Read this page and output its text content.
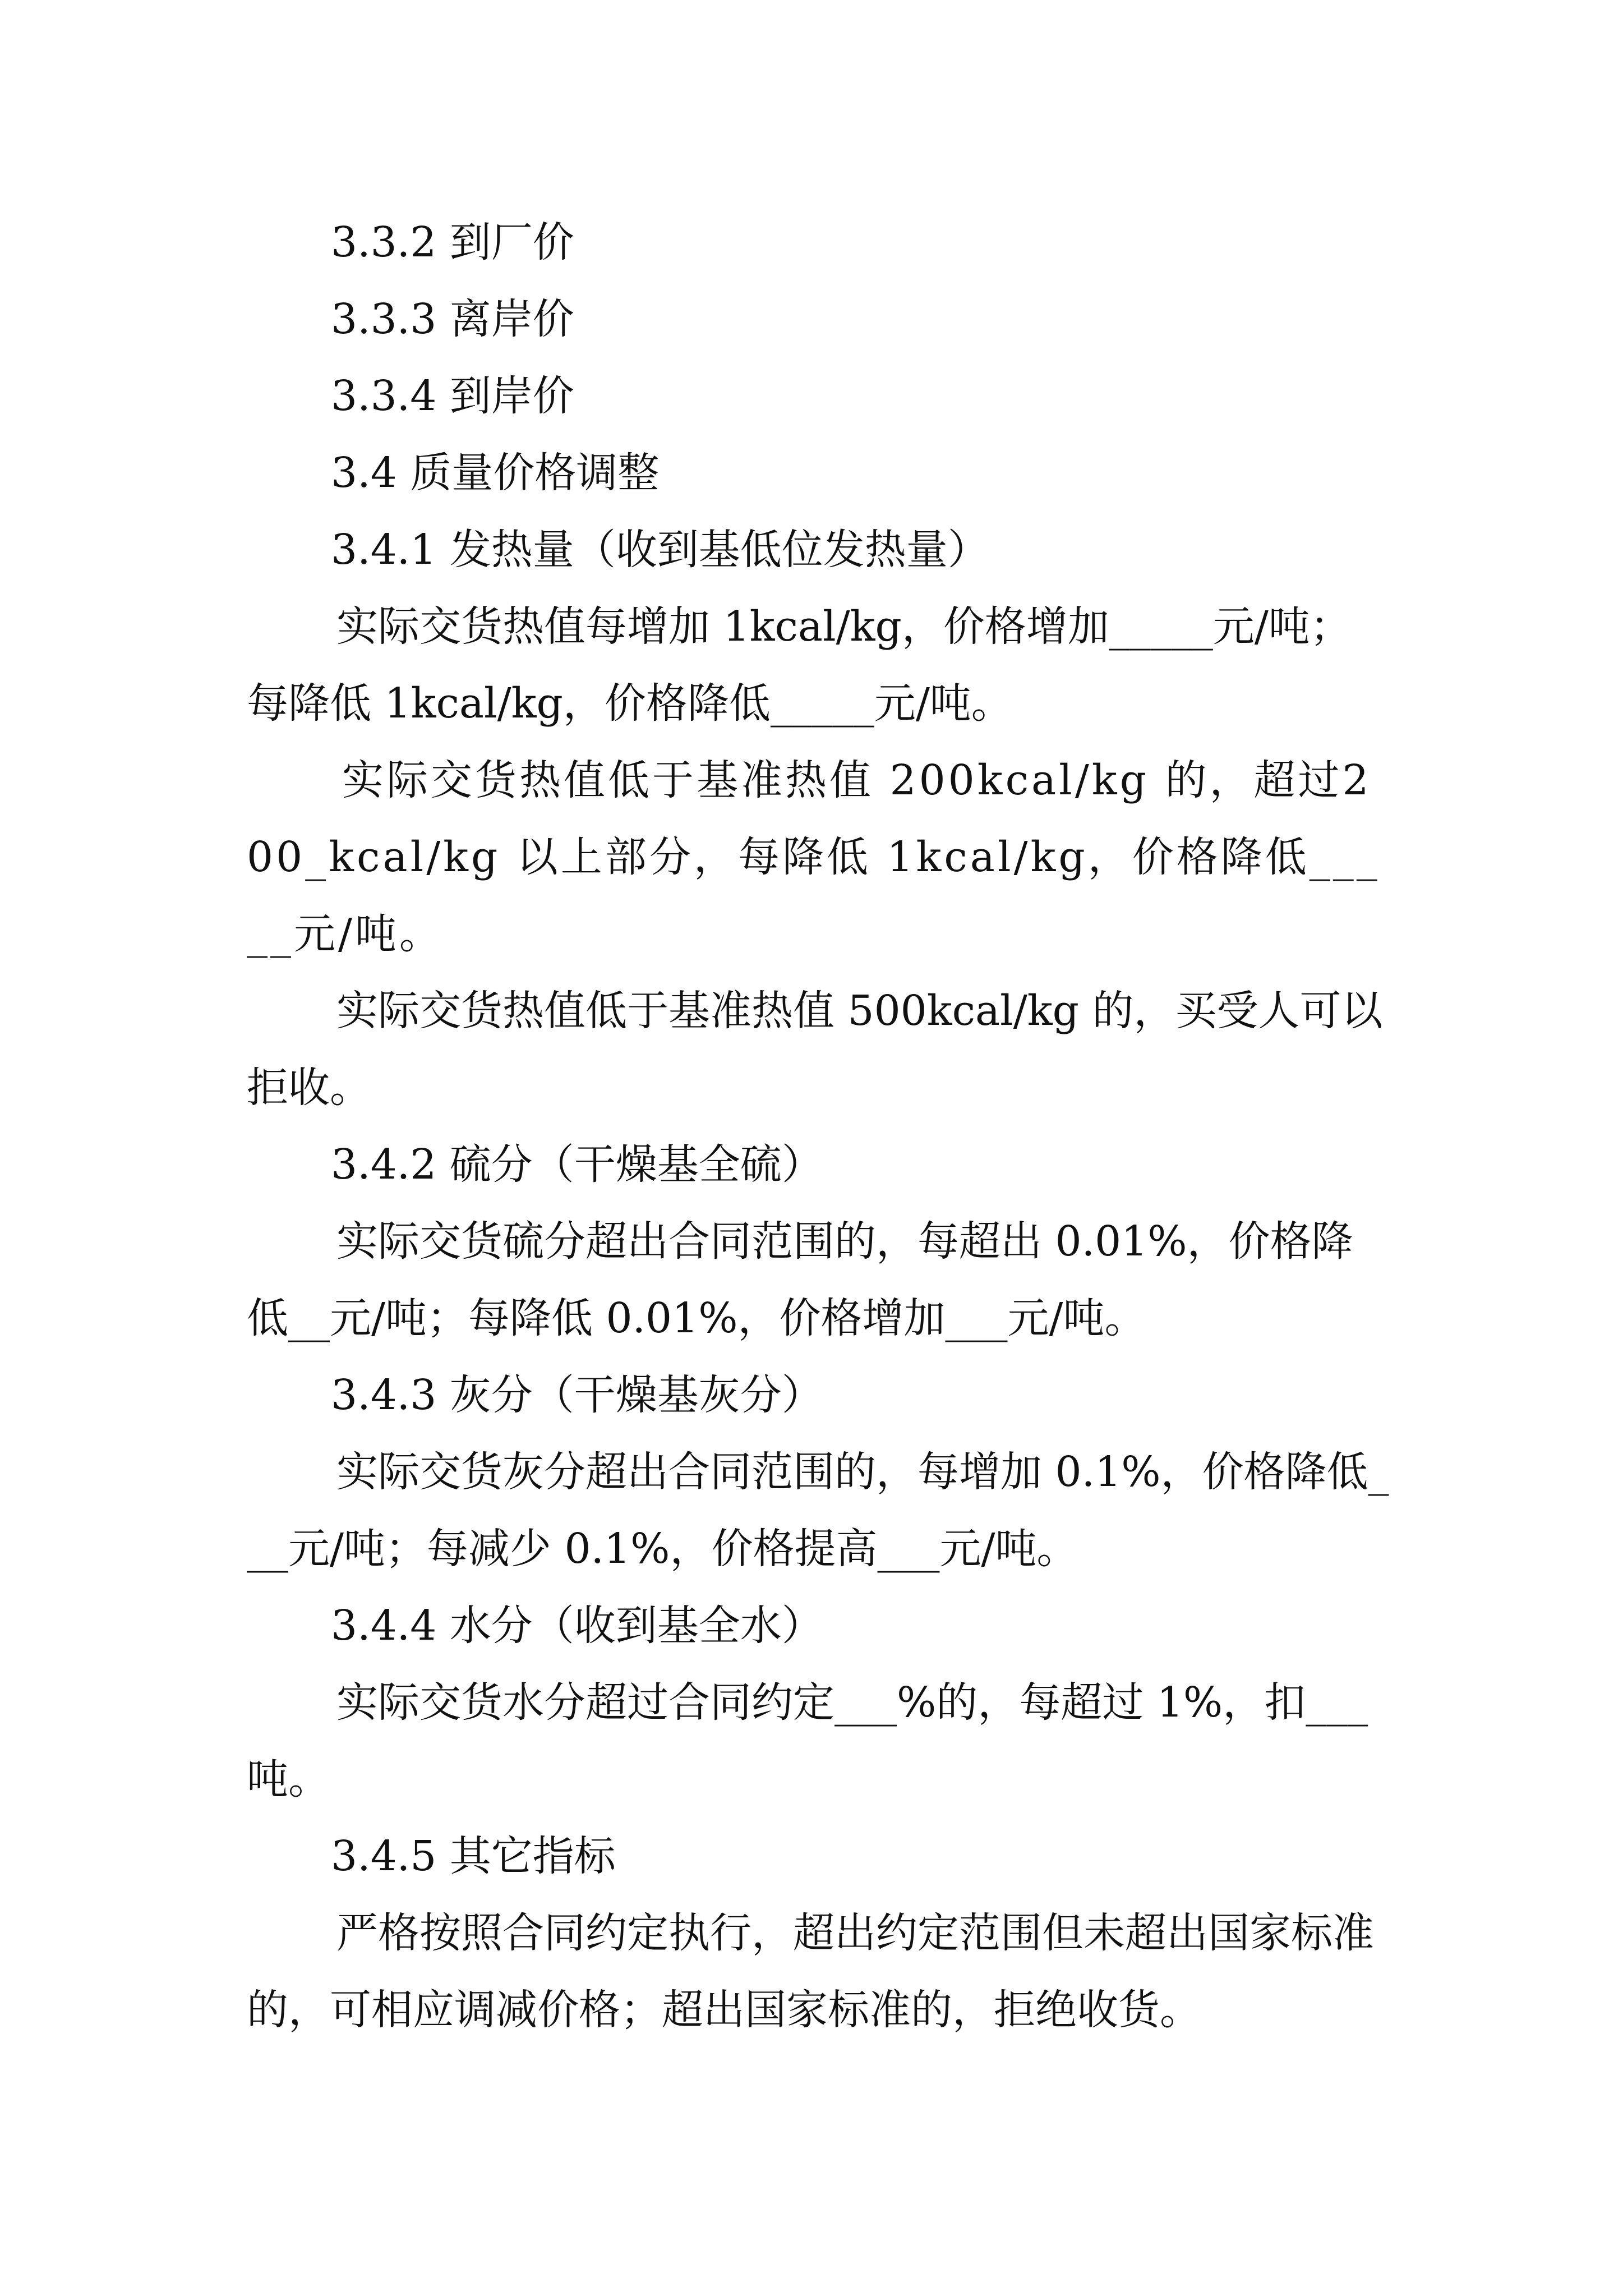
3.3.2 到厂价
3.3.3 离岸价
3.3.4 到岸价
3.4 质量价格调整
3.4.1 发热量（收到基低位发热量）
实际交货热值每增加 1kcal/kg，价格增加_____元/吨；每降低 1kcal/kg，价格降低_____元/吨。
实际交货热值低于基准热值 200kcal/kg 的，超过200_kcal/kg 以上部分，每降低 1kcal/kg，价格降低_____元/吨。
实际交货热值低于基准热值 500kcal/kg 的，买受人可以拒收。
3.4.2 硫分（干燥基全硫）
实际交货硫分超出合同范围的，每超出 0.01%，价格降低__元/吨；每降低 0.01%，价格增加___元/吨。
3.4.3 灰分（干燥基灰分）
实际交货灰分超出合同范围的，每增加 0.1%，价格降低___元/吨；每减少 0.1%，价格提高___元/吨。
3.4.4 水分（收到基全水）
实际交货水分超过合同约定___%的，每超过 1%，扣___吨。
3.4.5 其它指标
严格按照合同约定执行，超出约定范围但未超出国家标准的，可相应调减价格；超出国家标准的，拒绝收货。
